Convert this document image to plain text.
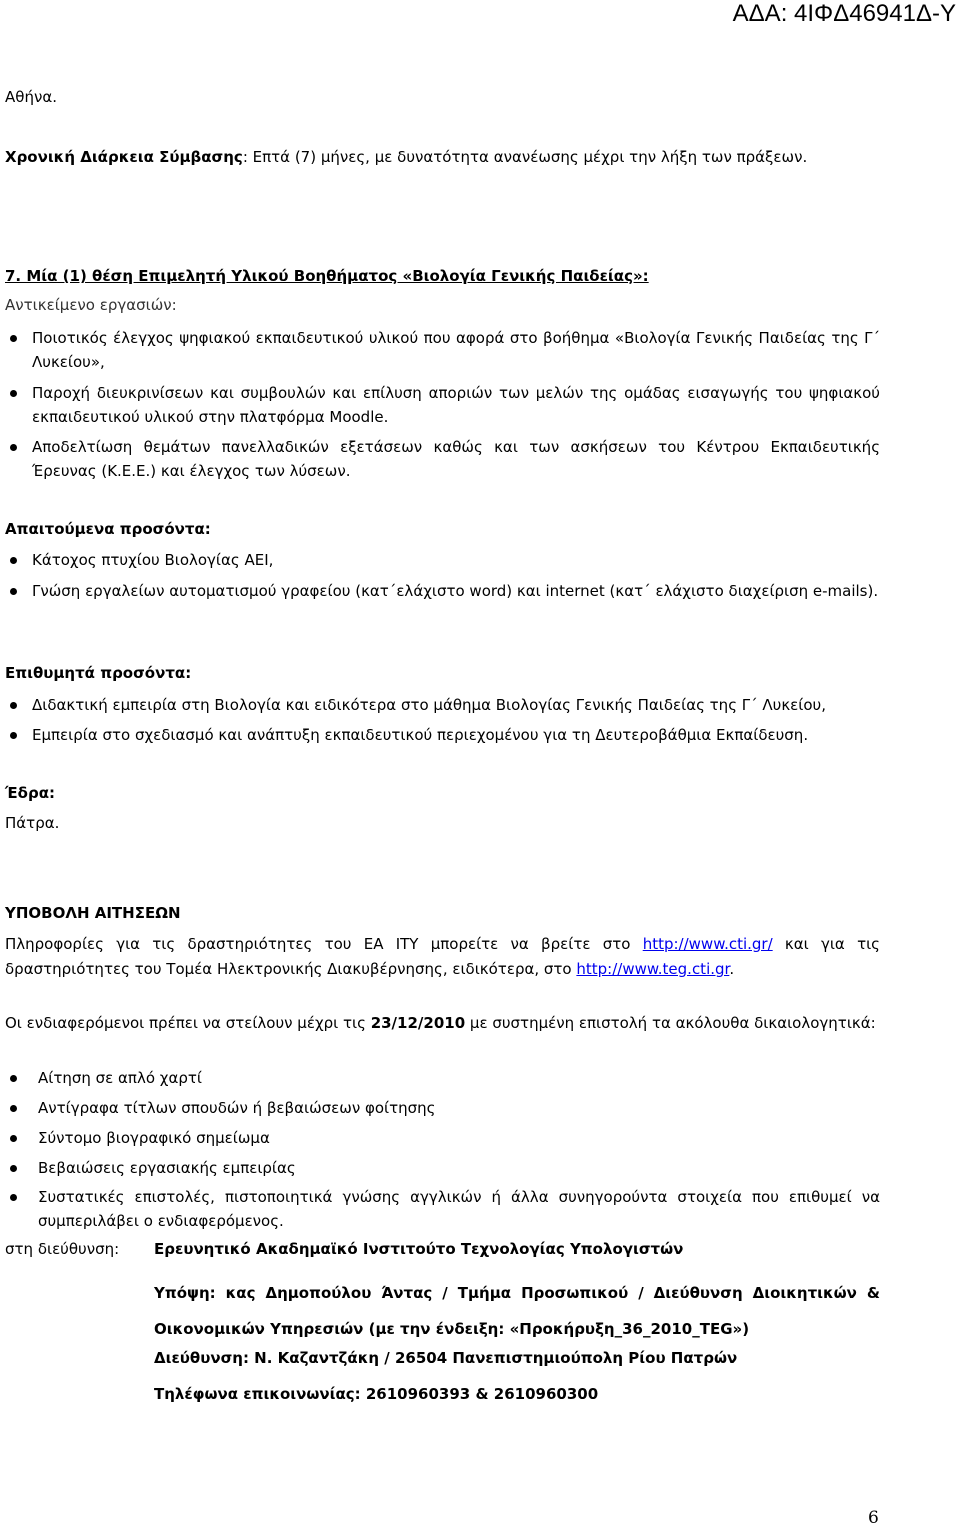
ΑΔΑ: 4ΙΦΔ46941Δ-Υ

Αθήνα.

Χρονική Διάρκεια Σύμβασης: Επτά (7) μήνες, με δυνατότητα ανανέωσης μέχρι την λήξη των πράξεων.

7. Μία (1) θέση Επιμελητή Υλικού Βοηθήματος «Βιολογία Γενικής Παιδείας»:

Αντικείμενο εργασιών:

Ποιοτικός έλεγχος ψηφιακού εκπαιδευτικού υλικού που αφορά στο βοήθημα «Βιολογία Γενικής Παιδείας της Γ΄ Λυκείου»,
Παροχή διευκρινίσεων και συμβουλών και επίλυση αποριών των μελών της ομάδας εισαγωγής του ψηφιακού εκπαιδευτικού υλικού στην πλατφόρμα Moodle.
Αποδελτίωση θεμάτων πανελλαδικών εξετάσεων καθώς και των ασκήσεων του Κέντρου Εκπαιδευτικής Έρευνας (Κ.Ε.Ε.) και έλεγχος των λύσεων.

Απαιτούμενα προσόντα:

Κάτοχος πτυχίου Βιολογίας ΑΕΙ,
Γνώση εργαλείων αυτοματισμού γραφείου (κατ΄ελάχιστο word) και internet (κατ΄ ελάχιστο διαχείριση e-mails).

Επιθυμητά προσόντα:

Διδακτική εμπειρία στη Βιολογία και ειδικότερα στο μάθημα Βιολογίας Γενικής Παιδείας της Γ΄ Λυκείου,
Εμπειρία στο σχεδιασμό και ανάπτυξη εκπαιδευτικού περιεχομένου για τη Δευτεροβάθμια Εκπαίδευση.

Έδρα:

Πάτρα.

ΥΠΟΒΟΛΗ ΑΙΤΗΣΕΩΝ

Πληροφορίες για τις δραστηριότητες του ΕΑ ΙΤΥ μπορείτε να βρείτε στο http://www.cti.gr/ και για τις δραστηριότητες του Τομέα Ηλεκτρονικής Διακυβέρνησης, ειδικότερα, στο http://www.teg.cti.gr.

Οι ενδιαφερόμενοι πρέπει να στείλουν μέχρι τις 23/12/2010 με συστημένη επιστολή τα ακόλουθα δικαιολογητικά:

Αίτηση σε απλό χαρτί
Αντίγραφα τίτλων σπουδών ή βεβαιώσεων φοίτησης
Σύντομο βιογραφικό σημείωμα
Βεβαιώσεις εργασιακής εμπειρίας
Συστατικές επιστολές, πιστοποιητικά γνώσης αγγλικών ή άλλα συνηγορούντα στοιχεία που επιθυμεί να συμπεριλάβει ο ενδιαφερόμενος.

στη διεύθυνση: Ερευνητικό Ακαδημαϊκό Ινστιτούτο Τεχνολογίας Υπολογιστών

Υπόψη: κας Δημοπούλου Άντας / Τμήμα Προσωπικού / Διεύθυνση Διοικητικών & Οικονομικών Υπηρεσιών (με την ένδειξη: «Προκήρυξη_36_2010_TEG»)

Διεύθυνση: Ν. Καζαντζάκη / 26504 Πανεπιστημιούπολη Ρίου Πατρών

Τηλέφωνα επικοινωνίας: 2610960393 & 2610960300

6
